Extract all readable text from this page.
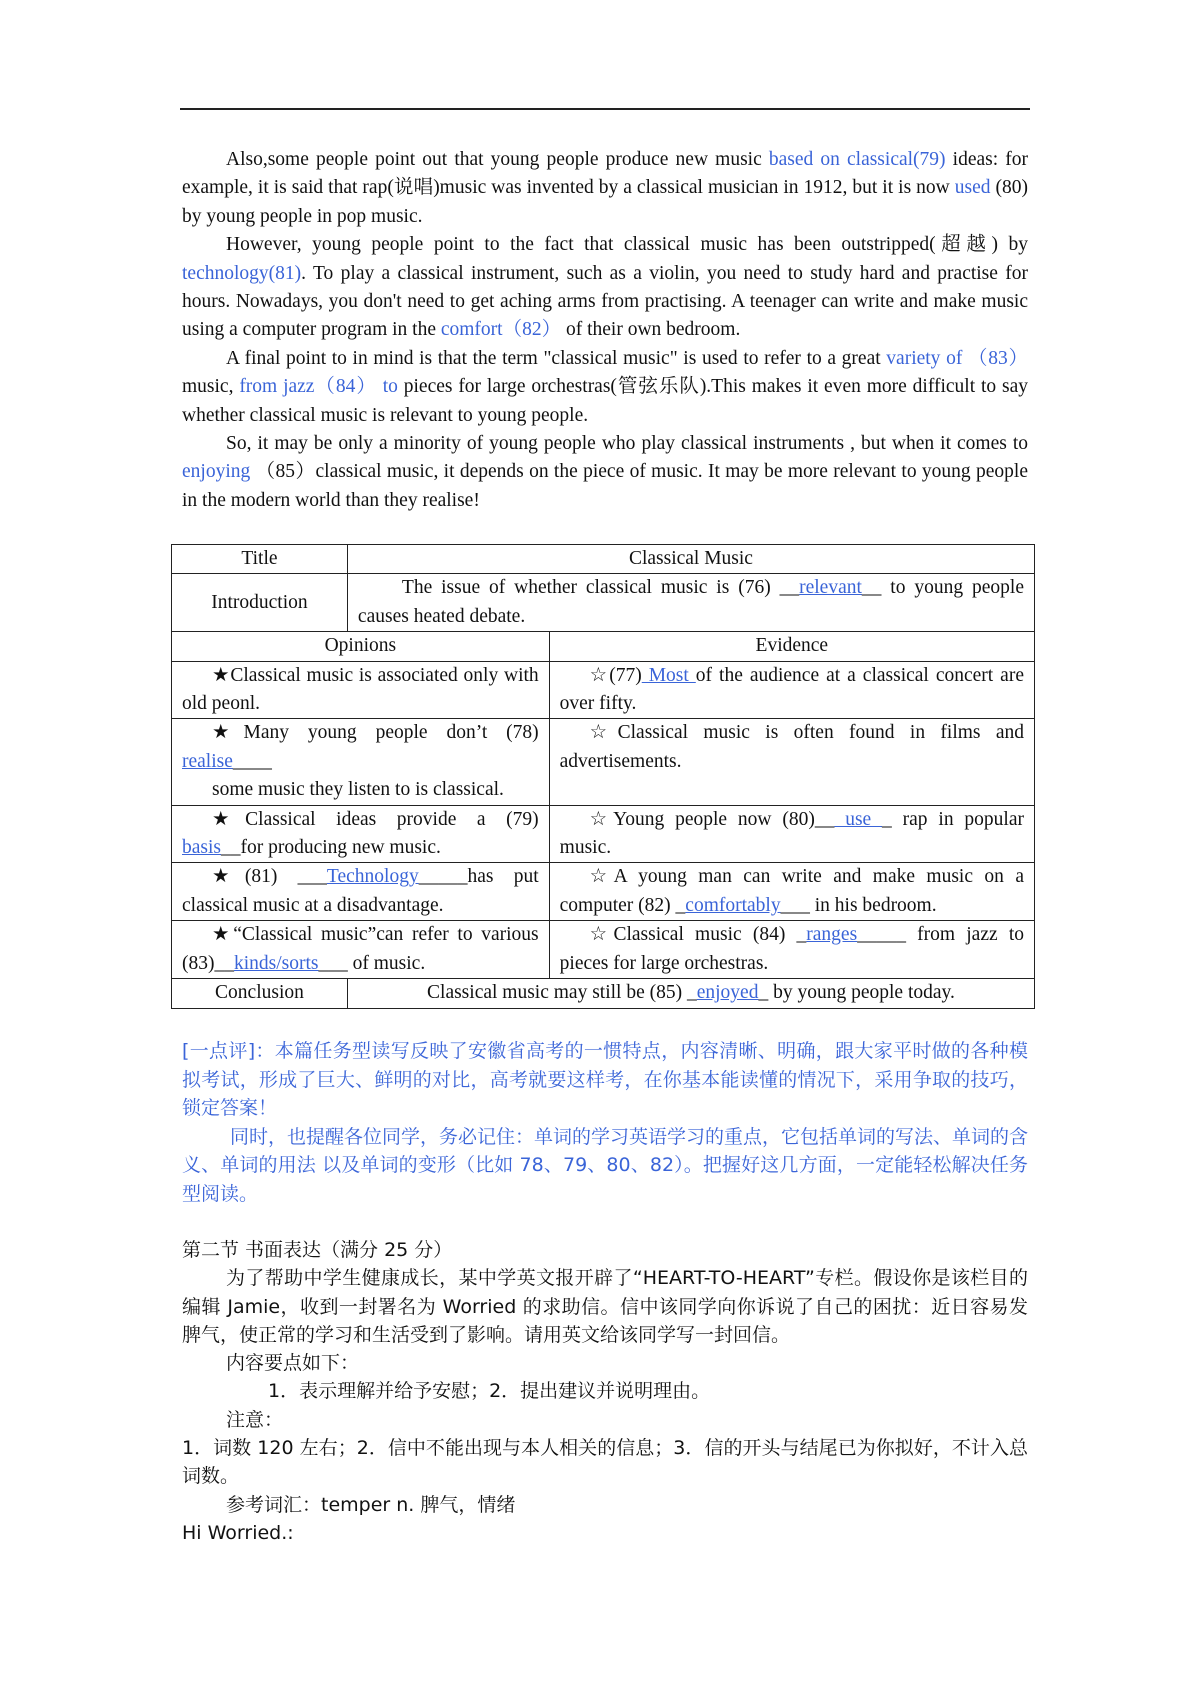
Also,some people point out that young people produce new music based on classical(79) ideas: for example, it is said that rap(说唱)music was invented by a classical musician in 1912, but it is now used (80) by young people in pop music.

However, young people point to the fact that classical music has been outstripped(超越) by technology(81). To play a classical instrument, such as a violin, you need to study hard and practise for hours. Nowadays, you don't need to get aching arms from practising. A teenager can write and make music using a computer program in the comfort（82） of their own bedroom.

A final point to in mind is that the term "classical music" is used to refer to a great variety of （83） music, from jazz（84） to pieces for large orchestras(管弦乐队).This makes it even more difficult to say whether classical music is relevant to young people.

So, it may be only a minority of young people who play classical instruments , but when it comes to enjoying （85）classical music, it depends on the piece of music. It may be more relevant to young people in the modern world than they realise!

Title	Classical Music	
Introduction	The issue of whether classical music is (76) __relevant__ to young people causes heated debate.	
Opinions		Evidence
★Classical music is associated only with old peonl.		☆(77) Most of the audience at a classical concert are over fifty.

★Many young people don’t (78)
realise____
some music they listen to is classical.		☆Classical music is often found in films and advertisements.
★Classical ideas provide a (79) basis__for producing new music.		☆Young people now (80)__ use _ rap in popular music.
★(81) ___Technology_____has put classical music at a disadvantage.		☆A young man can write and make music on a computer (82) _comfortably___ in his bedroom.
★“Classical music”can refer to various (83)__kinds/sorts___ of music.		☆Classical music (84) _ranges_____ from jazz to pieces for large orchestras.
Conclusion	Classical music may still be (85) _enjoyed_ by young people today.	

[一点评]：本篇任务型读写反映了安徽省高考的一惯特点，内容清晰、明确，跟大家平时做的各种模拟考试，形成了巨大、鲜明的对比，高考就要这样考，在你基本能读懂的情况下，采用争取的技巧，锁定答案！

同时，也提醒各位同学，务必记住：单词的学习英语学习的重点，它包括单词的写法、单词的含义、单词的用法 以及单词的变形（比如 78、79、80、82）。把握好这几方面，一定能轻松解决任务型阅读。

第二节 书面表达（满分 25 分）

为了帮助中学生健康成长，某中学英文报开辟了“HEART-TO-HEART”专栏。假设你是该栏目的编辑 Jamie，收到一封署名为 Worried 的求助信。信中该同学向你诉说了自己的困扰：近日容易发脾气，使正常的学习和生活受到了影响。请用英文给该同学写一封回信。

内容要点如下：

1．表示理解并给予安慰；2．提出建议并说明理由。

注意：

1．词数 120 左右；2．信中不能出现与本人相关的信息；3．信的开头与结尾已为你拟好，不计入总词数。

参考词汇：temper n. 脾气，情绪

Hi Worried.:
